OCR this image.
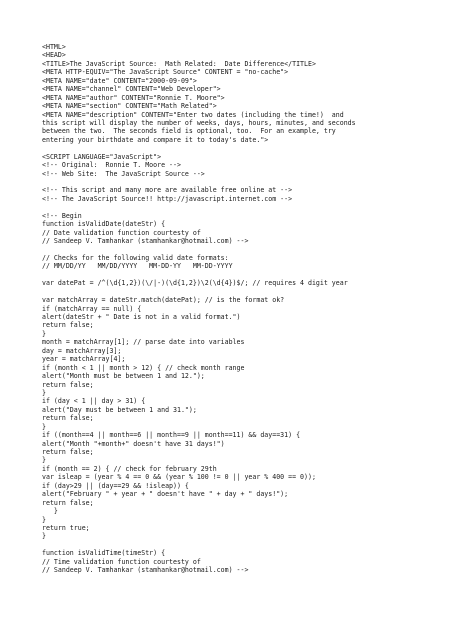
<HTML>
<HEAD>
<TITLE>The JavaScript Source:  Math Related:  Date Difference</TITLE>
<META HTTP-EQUIV="The JavaScript Source" CONTENT = "no-cache">
<META NAME="date" CONTENT="2000-09-09">
<META NAME="channel" CONTENT="Web Developer">
<META NAME="author" CONTENT="Ronnie T. Moore">
<META NAME="section" CONTENT="Math Related">
<META NAME="description" CONTENT="Enter two dates (including the time!)  and
this script will display the number of weeks, days, hours, minutes, and seconds
between the two.  The seconds field is optional, too.  For an example, try
entering your birthdate and compare it to today's date.">
<SCRIPT LANGUAGE="JavaScript">
<!-- Original:  Ronnie T. Moore -->
<!-- Web Site:  The JavaScript Source -->
<!-- This script and many more are available free online at -->
<!-- The JavaScript Source!! http://javascript.internet.com -->
<!-- Begin
function isValidDate(dateStr) {
// Date validation function courtesty of
// Sandeep V. Tamhankar (stamhankar@hotmail.com) -->
// Checks for the following valid date formats:
// MM/DD/YY   MM/DD/YYYY   MM-DD-YY   MM-DD-YYYY
var datePat = /^(\d{1,2})(\/|-)(\d{1,2})\2(\d{4})$/; // requires 4 digit year
var matchArray = dateStr.match(datePat); // is the format ok?
if (matchArray == null) {
alert(dateStr + " Date is not in a valid format.")
return false;
}
month = matchArray[1]; // parse date into variables
day = matchArray[3];
year = matchArray[4];
if (month < 1 || month > 12) { // check month range
alert("Month must be between 1 and 12.");
return false;
}
if (day < 1 || day > 31) {
alert("Day must be between 1 and 31.");
return false;
}
if ((month==4 || month==6 || month==9 || month==11) && day==31) {
alert("Month "+month+" doesn't have 31 days!")
return false;
}
if (month == 2) { // check for february 29th
var isleap = (year % 4 == 0 && (year % 100 != 0 || year % 400 == 0));
if (day>29 || (day==29 && !isleap)) {
alert("February " + year + " doesn't have " + day + " days!");
return false;
}
}
return true;
}
function isValidTime(timeStr) {
// Time validation function courtesty of
// Sandeep V. Tamhankar (stamhankar@hotmail.com) -->
